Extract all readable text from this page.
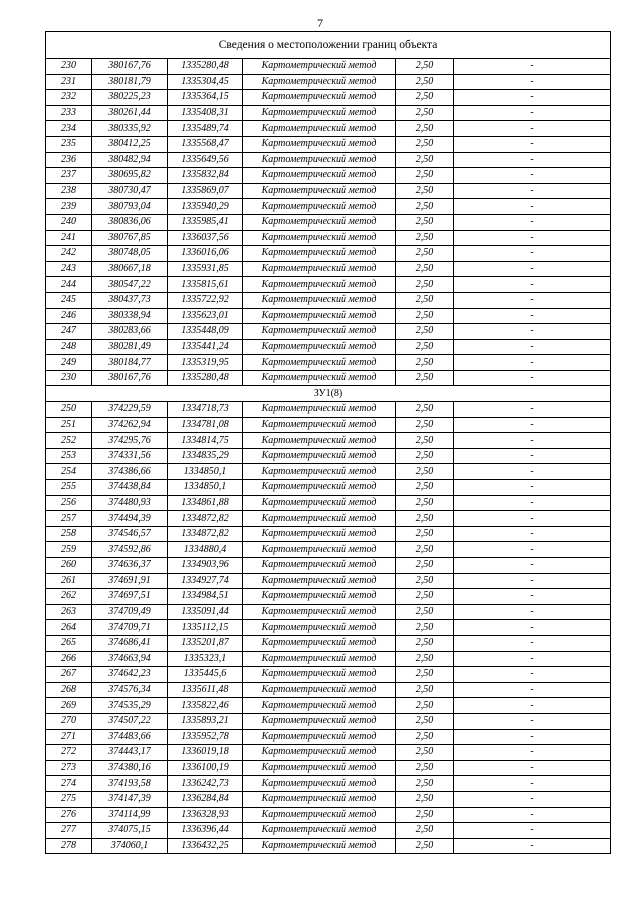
7
Сведения о местоположении границ объекта					
230	380167,76	1335280,48	Картометрический метод	2,50	-
231	380181,79	1335304,45	Картометрический метод	2,50	-
232	380225,23	1335364,15	Картометрический метод	2,50	-
233	380261,44	1335408,31	Картометрический метод	2,50	-
234	380335,92	1335489,74	Картометрический метод	2,50	-
235	380412,25	1335568,47	Картометрический метод	2,50	-
236	380482,94	1335649,56	Картометрический метод	2,50	-
237	380695,82	1335832,84	Картометрический метод	2,50	-
238	380730,47	1335869,07	Картометрический метод	2,50	-
239	380793,04	1335940,29	Картометрический метод	2,50	-
240	380836,06	1335985,41	Картометрический метод	2,50	-
241	380767,85	1336037,56	Картометрический метод	2,50	-
242	380748,05	1336016,06	Картометрический метод	2,50	-
243	380667,18	1335931,85	Картометрический метод	2,50	-
244	380547,22	1335815,61	Картометрический метод	2,50	-
245	380437,73	1335722,92	Картометрический метод	2,50	-
246	380338,94	1335623,01	Картометрический метод	2,50	-
247	380283,66	1335448,09	Картометрический метод	2,50	-
248	380281,49	1335441,24	Картометрический метод	2,50	-
249	380184,77	1335319,95	Картометрический метод	2,50	-
230	380167,76	1335280,48	Картометрический метод	2,50	-
ЗУ1(8)					
250	374229,59	1334718,73	Картометрический метод	2,50	-
251	374262,94	1334781,08	Картометрический метод	2,50	-
252	374295,76	1334814,75	Картометрический метод	2,50	-
253	374331,56	1334835,29	Картометрический метод	2,50	-
254	374386,66	1334850,1	Картометрический метод	2,50	-
255	374438,84	1334850,1	Картометрический метод	2,50	-
256	374480,93	1334861,88	Картометрический метод	2,50	-
257	374494,39	1334872,82	Картометрический метод	2,50	-
258	374546,57	1334872,82	Картометрический метод	2,50	-
259	374592,86	1334880,4	Картометрический метод	2,50	-
260	374636,37	1334903,96	Картометрический метод	2,50	-
261	374691,91	1334927,74	Картометрический метод	2,50	-
262	374697,51	1334984,51	Картометрический метод	2,50	-
263	374709,49	1335091,44	Картометрический метод	2,50	-
264	374709,71	1335112,15	Картометрический метод	2,50	-
265	374686,41	1335201,87	Картометрический метод	2,50	-
266	374663,94	1335323,1	Картометрический метод	2,50	-
267	374642,23	1335445,6	Картометрический метод	2,50	-
268	374576,34	1335611,48	Картометрический метод	2,50	-
269	374535,29	1335822,46	Картометрический метод	2,50	-
270	374507,22	1335893,21	Картометрический метод	2,50	-
271	374483,66	1335952,78	Картометрический метод	2,50	-
272	374443,17	1336019,18	Картометрический метод	2,50	-
273	374380,16	1336100,19	Картометрический метод	2,50	-
274	374193,58	1336242,73	Картометрический метод	2,50	-
275	374147,39	1336284,84	Картометрический метод	2,50	-
276	374114,99	1336328,93	Картометрический метод	2,50	-
277	374075,15	1336396,44	Картометрический метод	2,50	-
278	374060,1	1336432,25	Картометрический метод	2,50	-
